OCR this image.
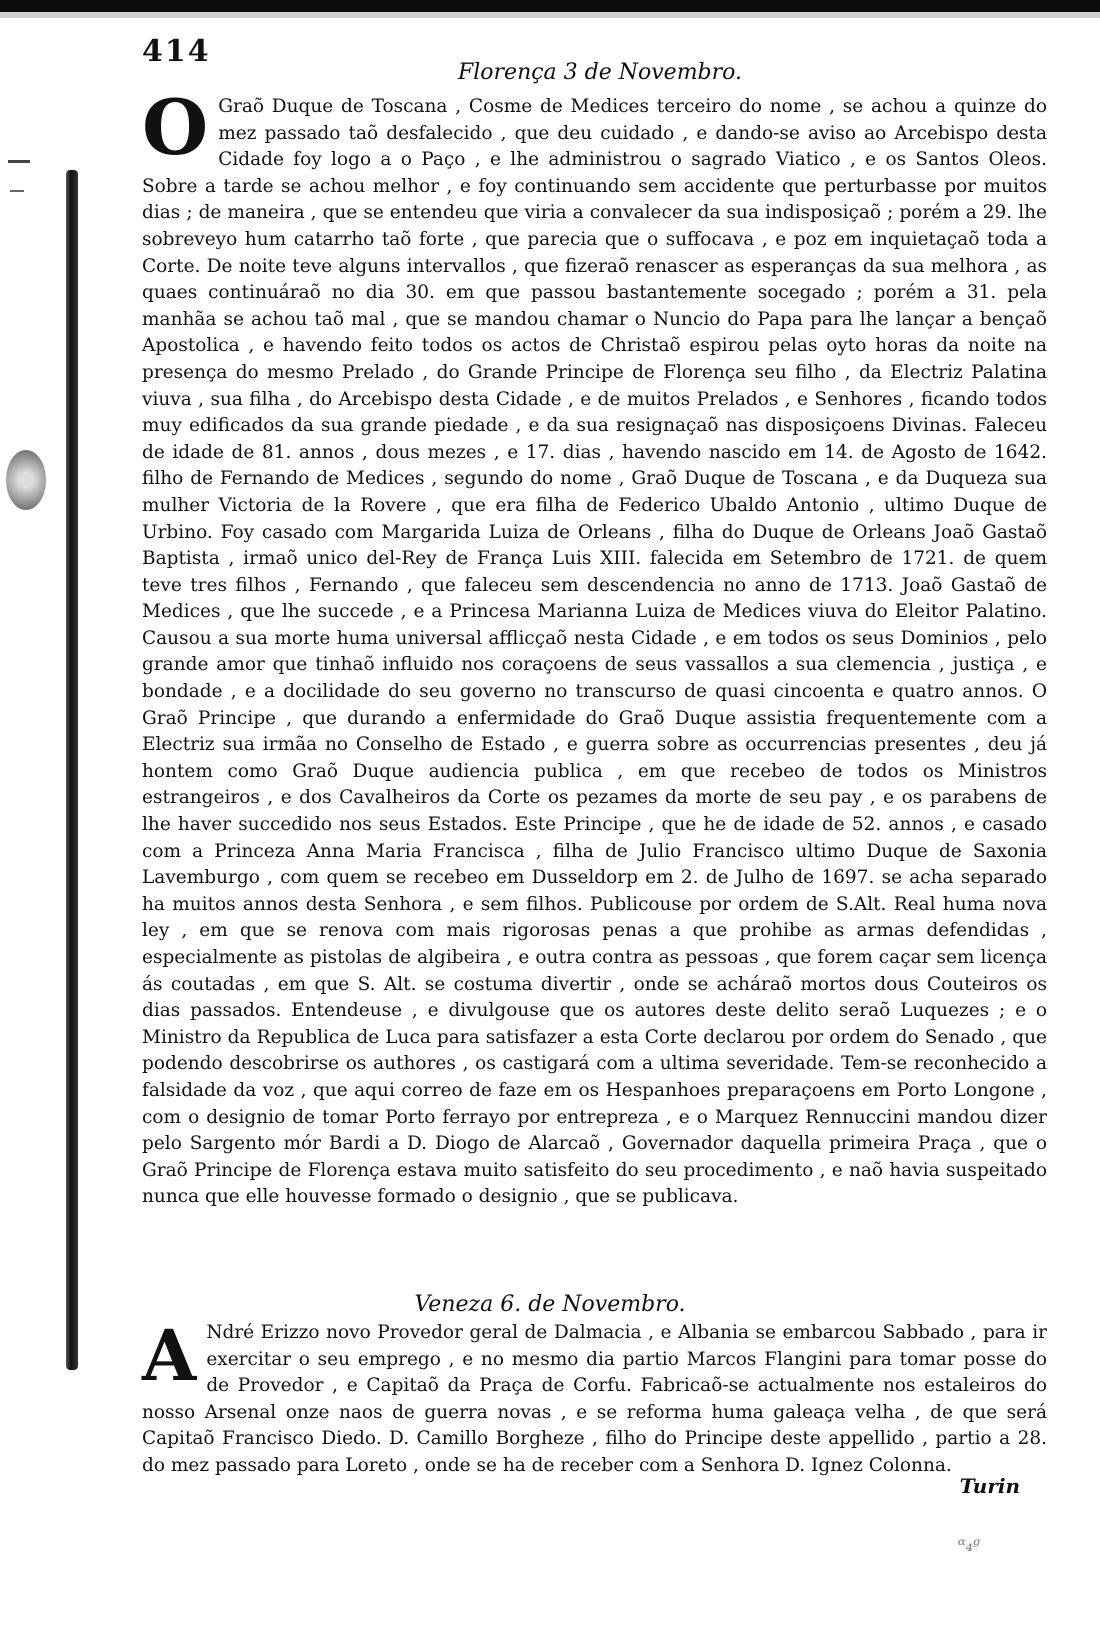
414
Florença 3 de Novembro.

O Graõ Duque de Toscana , Cosme de Medices terceiro do nome , se achou a quinze do mez passado taõ desfalecido , que deu cuidado , e dando-se aviso ao Arcebispo desta Cidade foy logo a o Paço , e lhe administrou o sagrado Viatico , e os Santos Oleos. Sobre a tarde se achou melhor , e foy continuando sem accidente que perturbasse por muitos dias ; de maneira , que se entendeu que viria a convalecer da sua indisposiçaõ ; porém a 29. lhe sobreveyo hum catarrho taõ forte , que parecia que o suffocava , e poz em inquietaçaõ toda a Corte. De noite teve alguns intervallos , que fizeraõ renascer as esperanças da sua melhora , as quaes continuáraõ no dia 30. em que passou bastantemente socegado ; porém a 31. pela manhãa se achou taõ mal , que se mandou chamar o Nuncio do Papa para lhe lançar a bençaõ Apostolica , e havendo feito todos os actos de Christaõ espirou pelas oyto horas da noite na presença do mesmo Prelado , do Grande Principe de Florença seu filho , da Electriz Palatina viuva , sua filha , do Arcebispo desta Cidade , e de muitos Prelados , e Senhores , ficando todos muy edificados da sua grande piedade , e da sua resignaçaõ nas disposiçoens Divinas. Faleceu de idade de 81. annos , dous mezes , e 17. dias , havendo nascido em 14. de Agosto de 1642. filho de Fernando de Medices , segundo do nome , Graõ Duque de Toscana , e da Duqueza sua mulher Victoria de la Rovere , que era filha de Federico Ubaldo Antonio , ultimo Duque de Urbino. Foy casado com Margarida Luiza de Orleans , filha do Duque de Orleans Joaõ Gastaõ Baptista , irmaõ unico del-Rey de França Luis XIII. falecida em Setembro de 1721. de quem teve tres filhos , Fernando , que faleceu sem descendencia no anno de 1713. Joaõ Gastaõ de Medices , que lhe succede , e a Princesa Marianna Luiza de Medices viuva do Eleitor Palatino. Causou a sua morte huma universal afflicçaõ nesta Cidade , e em todos os seus Dominios , pelo grande amor que tinhaõ influido nos coraçoens de seus vassallos a sua clemencia , justiça , e bondade , e a docilidade do seu governo no transcurso de quasi cincoenta e quatro annos. O Graõ Principe , que durando a enfermidade do Graõ Duque assistia frequentemente com a Electriz sua irmãa no Conselho de Estado , e guerra sobre as occurrencias presentes , deu já hontem como Graõ Duque audiencia publica , em que recebeo de todos os Ministros estrangeiros , e dos Cavalheiros da Corte os pezames da morte de seu pay , e os parabens de lhe haver succedido nos seus Estados. Este Principe , que he de idade de 52. annos , e casado com a Princeza Anna Maria Francisca , filha de Julio Francisco ultimo Duque de Saxonia Lavemburgo , com quem se recebeo em Dusseldorp em 2. de Julho de 1697. se acha separado ha muitos annos desta Senhora , e sem filhos. Publicouse por ordem de S.Alt. Real huma nova ley , em que se renova com mais rigorosas penas a que prohibe as armas defendidas , especialmente as pistolas de algibeira , e outra contra as pessoas , que forem caçar sem licença ás coutadas , em que S. Alt. se costuma divertir , onde se acháraõ mortos dous Couteiros os dias passados. Entendeuse , e divulgouse que os autores deste delito seraõ Luquezes ; e o Ministro da Republica de Luca para satisfazer a esta Corte declarou por ordem do Senado , que podendo descobrirse os authores , os castigará com a ultima severidade. Tem-se reconhecido a falsidade da voz , que aqui correo de faze em os Hespanhoes preparaçoens em Porto Longone , com o designio de tomar Porto ferrayo por entrepreza , e o Marquez Rennuccini mandou dizer pelo Sargento mór Bardi a D. Diogo de Alarcaõ , Governador daquella primeira Praça , que o Graõ Principe de Florença estava muito satisfeito do seu procedimento , e naõ havia suspeitado nunca que elle houvesse formado o designio , que se publicava.

Veneza 6. de Novembro.

A Ndré Erizzo novo Provedor geral de Dalmacia , e Albania se embarcou Sabbado , para ir exercitar o seu emprego , e no mesmo dia partio Marcos Flangini para tomar posse do de Provedor , e Capitaõ da Praça de Corfu. Fabricaõ-se actualmente nos estaleiros do nosso Arsenal onze naos de guerra novas , e se reforma huma galeaça velha , de que será Capitaõ Francisco Diedo. D. Camillo Borgheze , filho do Principe deste appellido , partio a 28. do mez passado para Loreto , onde se ha de receber com a Senhora D. Ignez Colonna.

Turin
ᵅ₄ᵍ
